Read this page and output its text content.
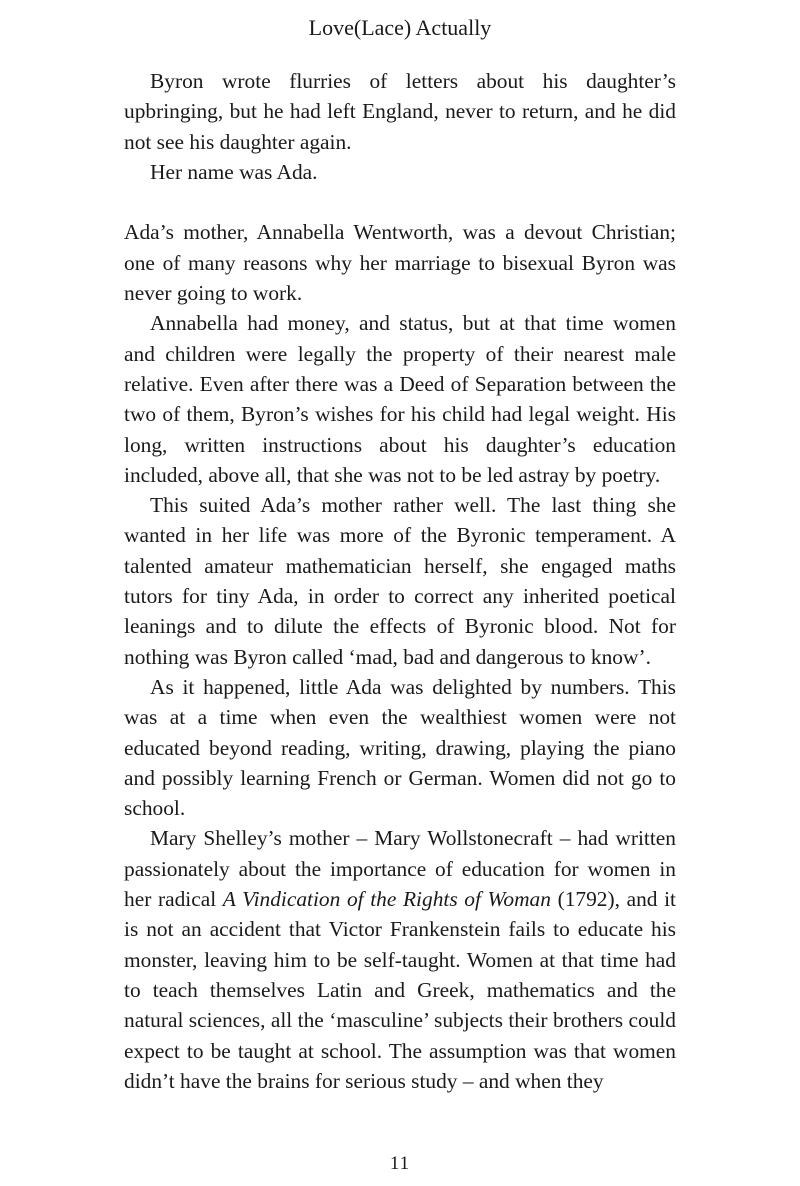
Love(Lace) Actually

Byron wrote flurries of letters about his daughter’s upbringing, but he had left England, never to return, and he did not see his daughter again.

Her name was Ada.

Ada’s mother, Annabella Wentworth, was a devout Christian; one of many reasons why her marriage to bisexual Byron was never going to work.

Annabella had money, and status, but at that time women and children were legally the property of their nearest male relative. Even after there was a Deed of Separation between the two of them, Byron’s wishes for his child had legal weight. His long, written instructions about his daughter’s education included, above all, that she was not to be led astray by poetry.

This suited Ada’s mother rather well. The last thing she wanted in her life was more of the Byronic temperament. A talented amateur mathematician herself, she engaged maths tutors for tiny Ada, in order to correct any inherited poetical leanings and to dilute the effects of Byronic blood. Not for nothing was Byron called ‘mad, bad and dangerous to know’.

As it happened, little Ada was delighted by numbers. This was at a time when even the wealthiest women were not educated beyond reading, writing, drawing, playing the piano and possibly learning French or German. Women did not go to school.

Mary Shelley’s mother – Mary Wollstonecraft – had written passionately about the importance of education for women in her radical A Vindication of the Rights of Woman (1792), and it is not an accident that Victor Frankenstein fails to educate his monster, leaving him to be self-taught. Women at that time had to teach themselves Latin and Greek, mathematics and the natural sciences, all the ‘masculine’ subjects their brothers could expect to be taught at school. The assumption was that women didn’t have the brains for serious study – and when they

11
